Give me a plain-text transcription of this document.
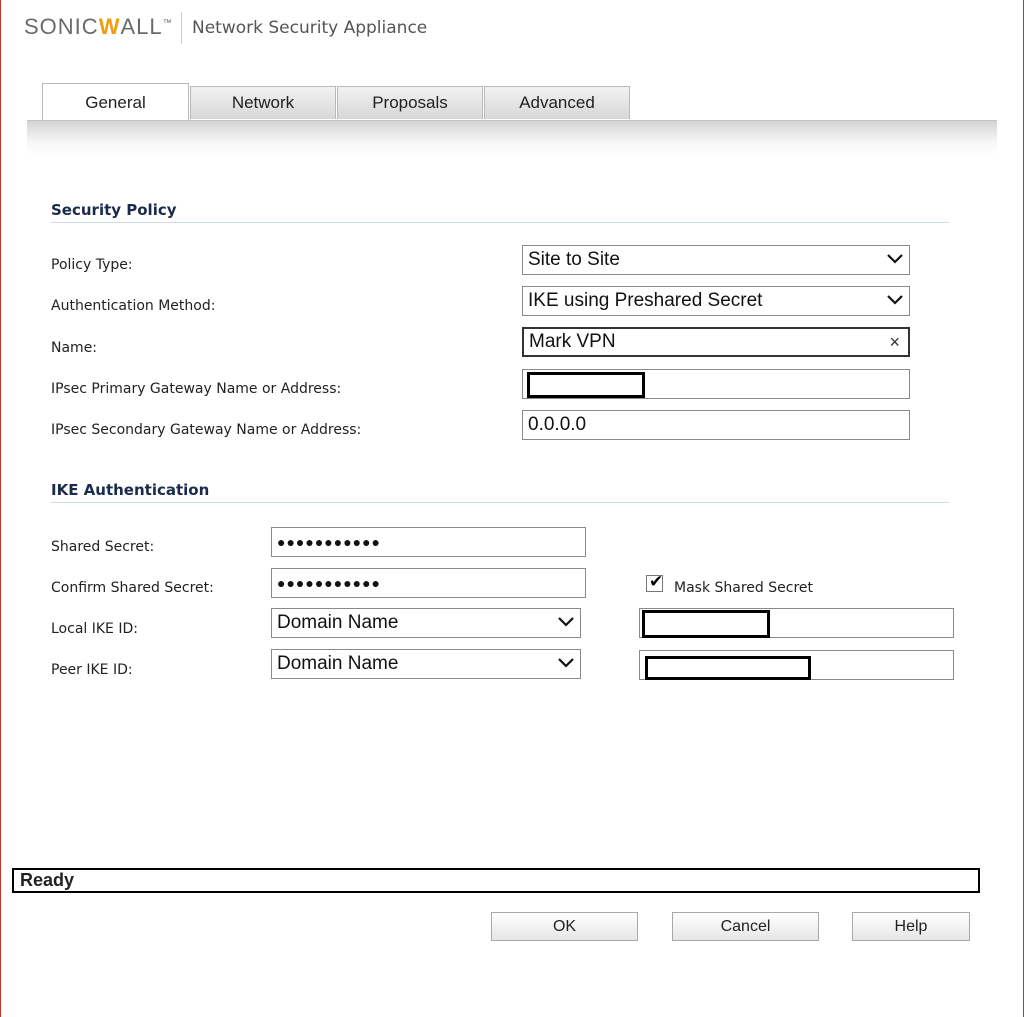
SONICWALL™ Network Security Appliance
General	Network	Proposals	Advanced
Security Policy
Policy Type:	Site to Site
Authentication Method:	IKE using Preshared Secret
Name:	Mark VPN	×
IPsec Primary Gateway Name or Address:
IPsec Secondary Gateway Name or Address:	0.0.0.0
IKE Authentication
Shared Secret:	●●●●●●●●●●●
Confirm Shared Secret:	●●●●●●●●●●●	✔ Mask Shared Secret
Local IKE ID:	Domain Name
Peer IKE ID:	Domain Name
Ready
OK	Cancel	Help
